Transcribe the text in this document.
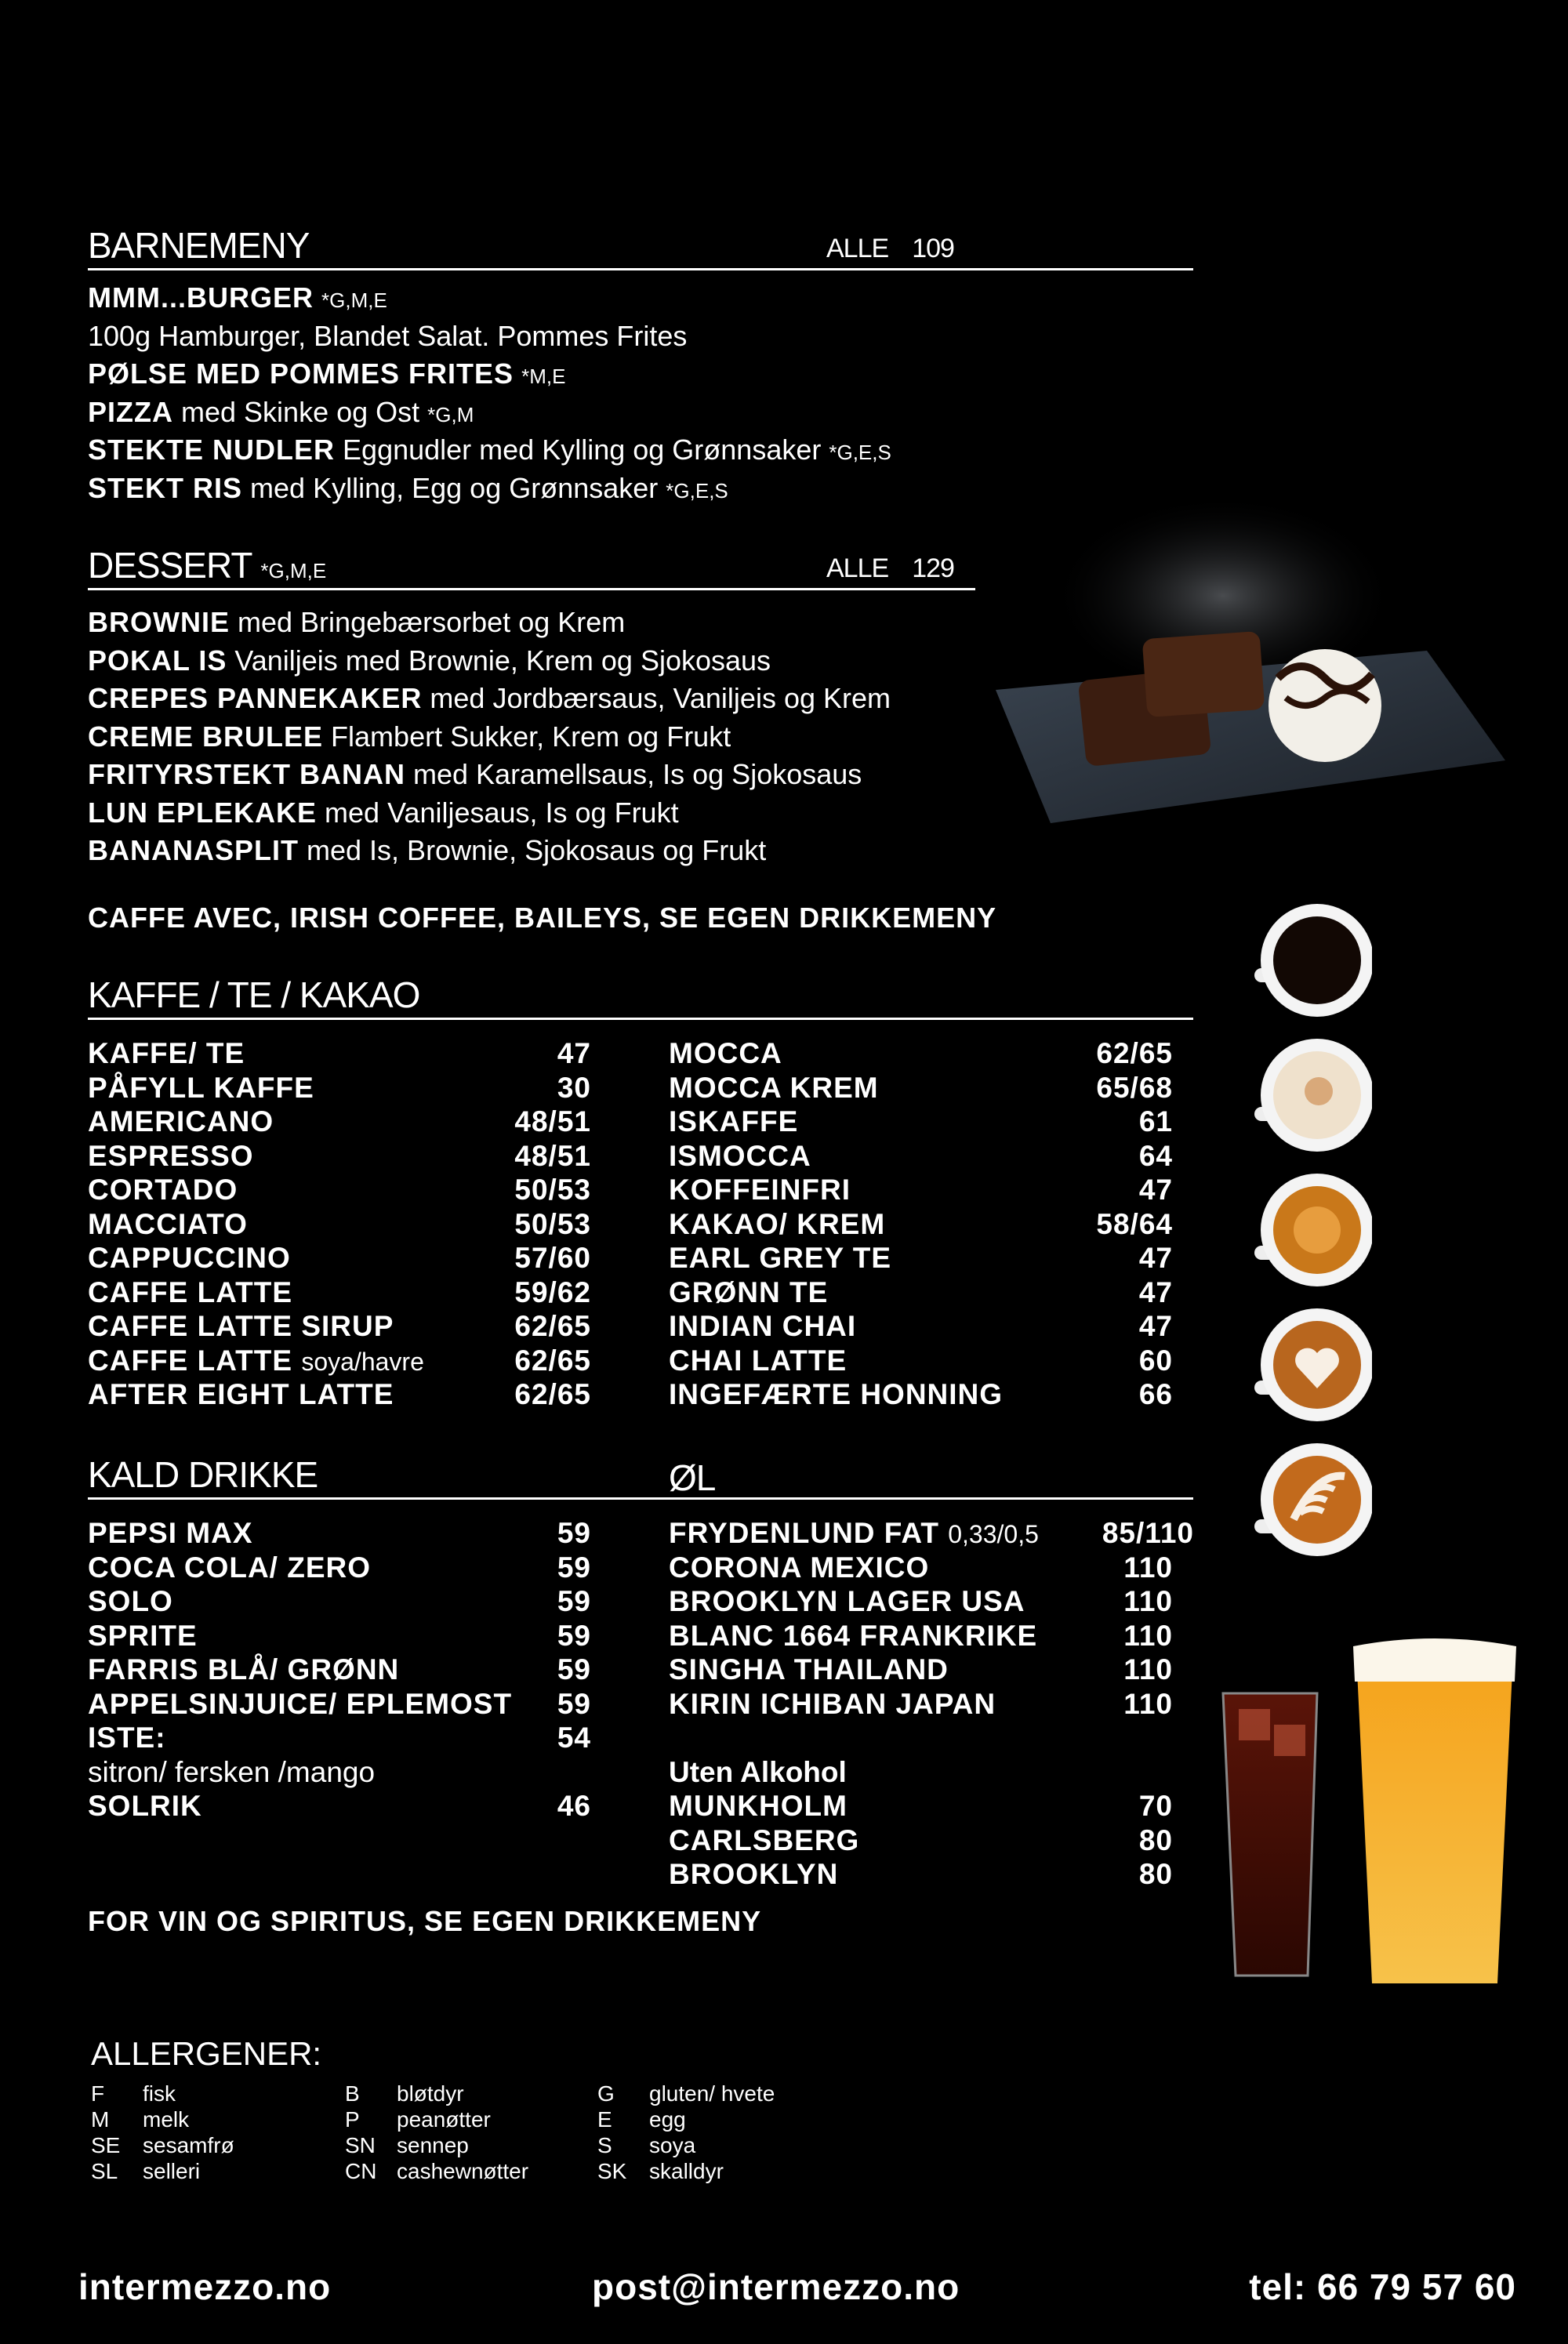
BARNEMENY	ALLE 109
MMM...BURGER *G,M,E
100g Hamburger, Blandet Salat. Pommes Frites
PØLSE MED POMMES FRITES *M,E
PIZZA med Skinke og Ost *G,M
STEKTE NUDLER Eggnudler med Kylling og Grønnsaker *G,E,S
STEKT RIS med Kylling, Egg og Grønnsaker *G,E,S
DESSERT *G,M,E	ALLE 129
BROWNIE med Bringebærsorbet og Krem
POKAL IS Vaniljeis med Brownie, Krem og Sjokosaus
CREPES PANNEKAKER med Jordbærsaus, Vaniljeis og Krem
CREME BRULEE Flambert Sukker, Krem og Frukt
FRITYRSTEKT BANAN med Karamellsaus, Is og Sjokosaus
LUN EPLEKAKE med Vaniljesaus, Is og Frukt
BANANASPLIT med Is, Brownie, Sjokosaus og Frukt
CAFFE AVEC, IRISH COFFEE, BAILEYS, SE EGEN DRIKKEMENY
KAFFE / TE / KAKAO
KAFFE/ TE	47
PÅFYLL KAFFE	30
AMERICANO	48/51
ESPRESSO	48/51
CORTADO	50/53
MACCIATO	50/53
CAPPUCCINO	57/60
CAFFE LATTE	59/62
CAFFE LATTE SIRUP	62/65
CAFFE LATTE soya/havre	62/65
AFTER EIGHT LATTE	62/65
MOCCA	62/65
MOCCA KREM	65/68
ISKAFFE	61
ISMOCCA	64
KOFFEINFRI	47
KAKAO/ KREM	58/64
EARL GREY TE	47
GRØNN TE	47
INDIAN CHAI	47
CHAI LATTE	60
INGEFÆRTE HONNING	66

KALD DRIKKE	ØL
PEPSI MAX	59
COCA COLA/ ZERO	59
SOLO	59
SPRITE	59
FARRIS BLÅ/ GRØNN	59
APPELSINJUICE/ EPLEMOST 59
ISTE:	54
sitron/ fersken /mango
SOLRIK	46
FRYDENLUND FAT 0,33/0,5 85/110
CORONA MEXICO	110
BROOKLYN LAGER USA	110
BLANC 1664 FRANKRIKE	110
SINGHA THAILAND	110
KIRIN ICHIBAN JAPAN	110
Uten Alkohol
MUNKHOLM	70
CARLSBERG	80
BROOKLYN	80
FOR VIN OG SPIRITUS, SE EGEN DRIKKEMENY
ALLERGENER:
F	fisk
M	melk
SE	sesamfrø
SL	selleri
B	bløtdyr
P	peanøtter
SN sennep
CN cashewnøtter
G	gluten/ hvete
E	egg
S	soya
SK	skalldyr
intermezzo.no	post@intermezzo.no	tel: 66 79 57 60
